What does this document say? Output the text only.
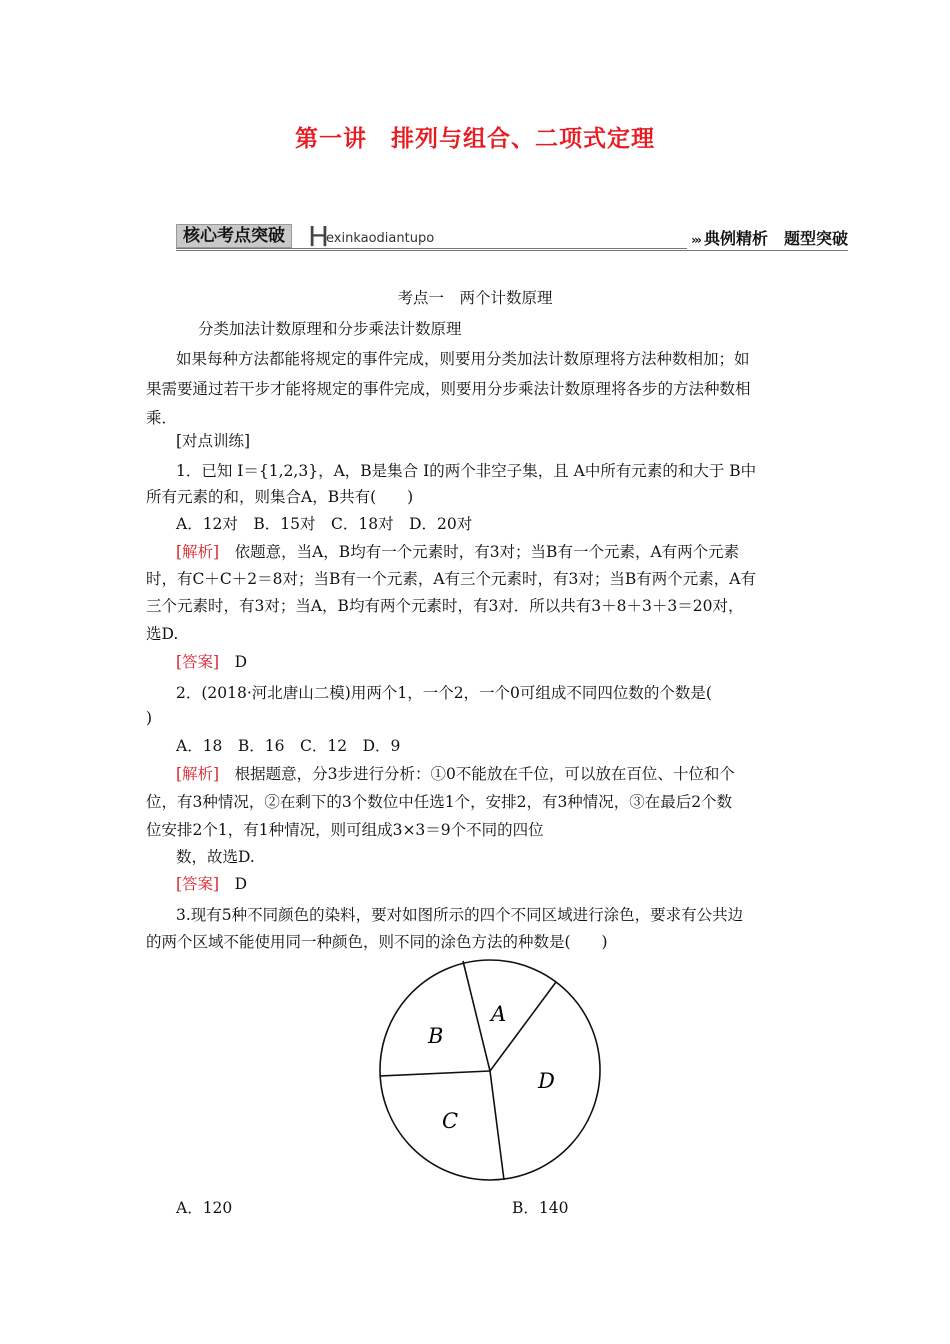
第一讲　排列与组合、二项式定理
核心考点突破 H
exinkaodiantupo	››› 典例精析　题型突破
考点一　两个计数原理
分类加法计数原理和分步乘法计数原理
如果每种方法都能将规定的事件完成，则要用分类加法计数原理将方法种数相加；如
果需要通过若干步才能将规定的事件完成，则要用分步乘法计数原理将各步的方法种数相
乘．
[对点训练]
1．已知 I＝{1,2,3}，A，B是集合 I的两个非空子集，且 A中所有元素的和大于 B中
所有元素的和，则集合A，B共有(　　)
A．12对　B．15对　C．18对　D．20对
[解析]　依题意，当A，B均有一个元素时，有3对；当B有一个元素，A有两个元素
时，有C＋C＋2＝8对；当B有一个元素，A有三个元素时，有3对；当B有两个元素，A有
三个元素时，有3对；当A，B均有两个元素时，有3对．所以共有3＋8＋3＋3＝20对，
选D.
[答案]　D
2．(2018·河北唐山二模)用两个1，一个2，一个0可组成不同四位数的个数是(
)
A．18　B．16　C．12　D．9
[解析]　根据题意，分3步进行分析：①0不能放在千位，可以放在百位、十位和个
位，有3种情况，②在剩下的3个数位中任选1个，安排2，有3种情况，③在最后2个数
位安排2个1，有1种情况，则可组成3×3＝9个不同的四位
数，故选D.
[答案]　D
3.现有5种不同颜色的染料，要对如图所示的四个不同区域进行涂色，要求有公共边
的两个区域不能使用同一种颜色，则不同的涂色方法的种数是(　　)
A
B
C
D
A．120	B．140
